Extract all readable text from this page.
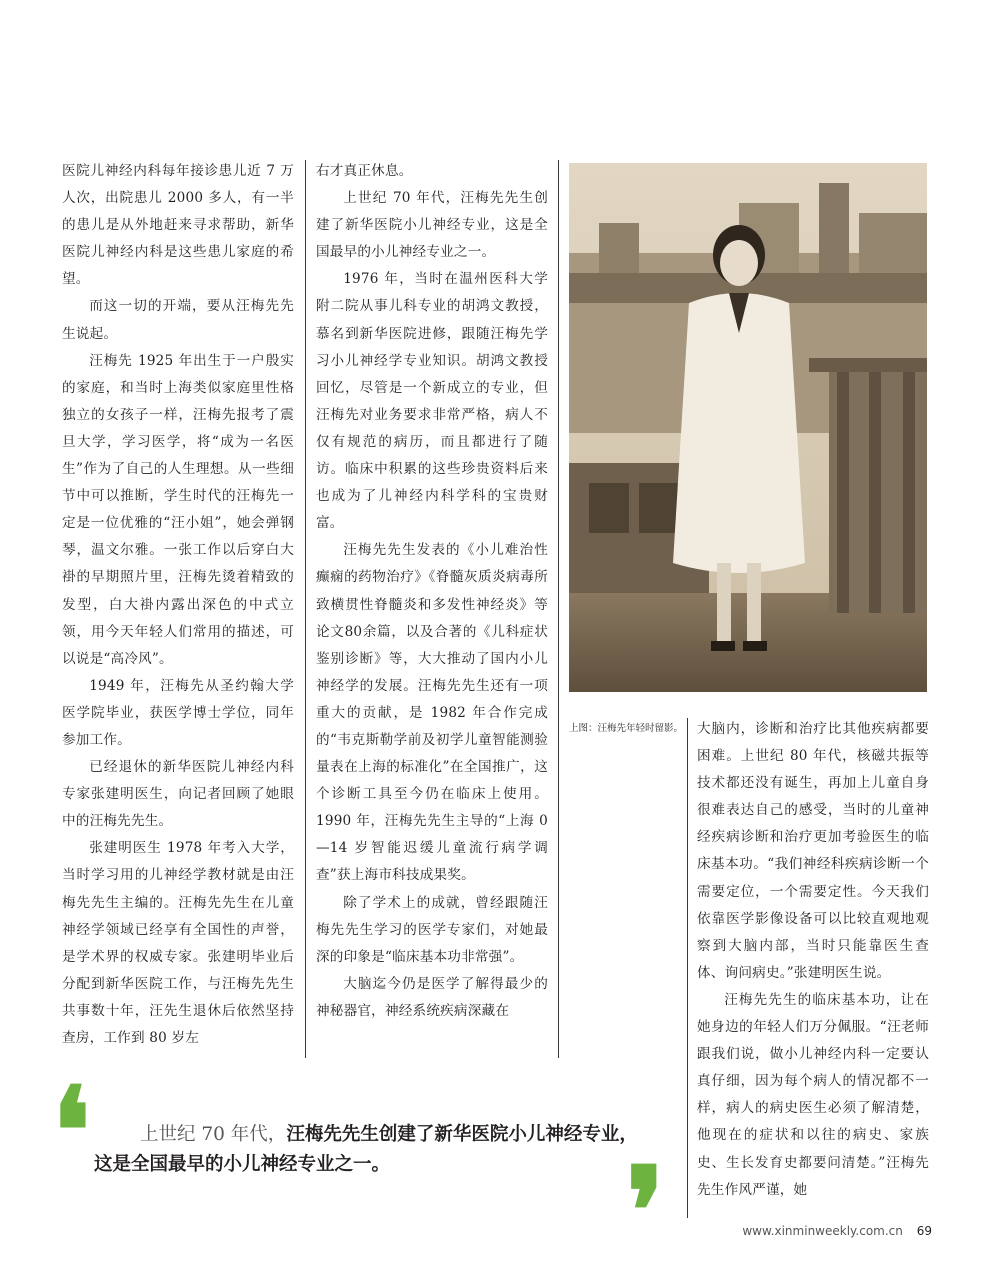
医院儿神经内科每年接诊患儿近 7 万人次，出院患儿 2000 多人，有一半的患儿是从外地赶来寻求帮助，新华医院儿神经内科是这些患儿家庭的希望。

而这一切的开端，要从汪梅先先生说起。

汪梅先 1925 年出生于一户殷实的家庭，和当时上海类似家庭里性格独立的女孩子一样，汪梅先报考了震旦大学，学习医学，将“成为一名医生”作为了自己的人生理想。从一些细节中可以推断，学生时代的汪梅先一定是一位优雅的“汪小姐”，她会弹钢琴，温文尔雅。一张工作以后穿白大褂的早期照片里，汪梅先烫着精致的发型，白大褂内露出深色的中式立领，用今天年轻人们常用的描述，可以说是“高冷风”。

1949 年，汪梅先从圣约翰大学医学院毕业，获医学博士学位，同年参加工作。

已经退休的新华医院儿神经内科专家张建明医生，向记者回顾了她眼中的汪梅先先生。

张建明医生 1978 年考入大学，当时学习用的儿神经学教材就是由汪梅先先生主编的。汪梅先先生在儿童神经学领域已经享有全国性的声誉，是学术界的权威专家。张建明毕业后分配到新华医院工作，与汪梅先先生共事数十年，汪先生退休后依然坚持查房，工作到 80 岁左

右才真正休息。

上世纪 70 年代，汪梅先先生创建了新华医院小儿神经专业，这是全国最早的小儿神经专业之一。

1976 年，当时在温州医科大学附二院从事儿科专业的胡鸿文教授，慕名到新华医院进修，跟随汪梅先学习小儿神经学专业知识。胡鸿文教授回忆，尽管是一个新成立的专业，但汪梅先对业务要求非常严格，病人不仅有规范的病历，而且都进行了随访。临床中积累的这些珍贵资料后来也成为了儿神经内科学科的宝贵财富。

汪梅先先生发表的《小儿难治性癫痫的药物治疗》《脊髓灰质炎病毒所致横贯性脊髓炎和多发性神经炎》等论文80余篇，以及合著的《儿科症状鉴别诊断》等，大大推动了国内小儿神经学的发展。汪梅先先生还有一项重大的贡献，是 1982 年合作完成的“韦克斯勒学前及初学儿童智能测验量表在上海的标准化”在全国推广，这个诊断工具至今仍在临床上使用。1990 年，汪梅先先生主导的“上海 0—14 岁智能迟缓儿童流行病学调查”获上海市科技成果奖。

除了学术上的成就，曾经跟随汪梅先先生学习的医学专家们，对她最深的印象是“临床基本功非常强”。

大脑迄今仍是医学了解得最少的神秘器官，神经系统疾病深藏在

上图：汪梅先年轻时留影。 大脑内，诊断和治疗比其他疾病都要困难。上世纪 80 年代，核磁共振等技术都还没有诞生，再加上儿童自身很难表达自己的感受，当时的儿童神经疾病诊断和治疗更加考验医生的临床基本功。“我们神经科疾病诊断一个需要定位，一个需要定性。今天我们依靠医学影像设备可以比较直观地观察到大脑内部，当时只能靠医生查体、询问病史。”张建明医生说。

汪梅先先生的临床基本功，让在她身边的年轻人们万分佩服。“汪老师跟我们说，做小儿神经内科一定要认真仔细，因为每个病人的情况都不一样，病人的病史医生必须了解清楚，他现在的症状和以往的病史、家族史、生长发育史都要问清楚。”汪梅先先生作风严谨，她

❛	上世纪 70 年代，汪梅先先生创建了新华医院小儿神经专业，
这是全国最早的小儿神经专业之一。	❜	www.xinminweekly.com.cn 69
